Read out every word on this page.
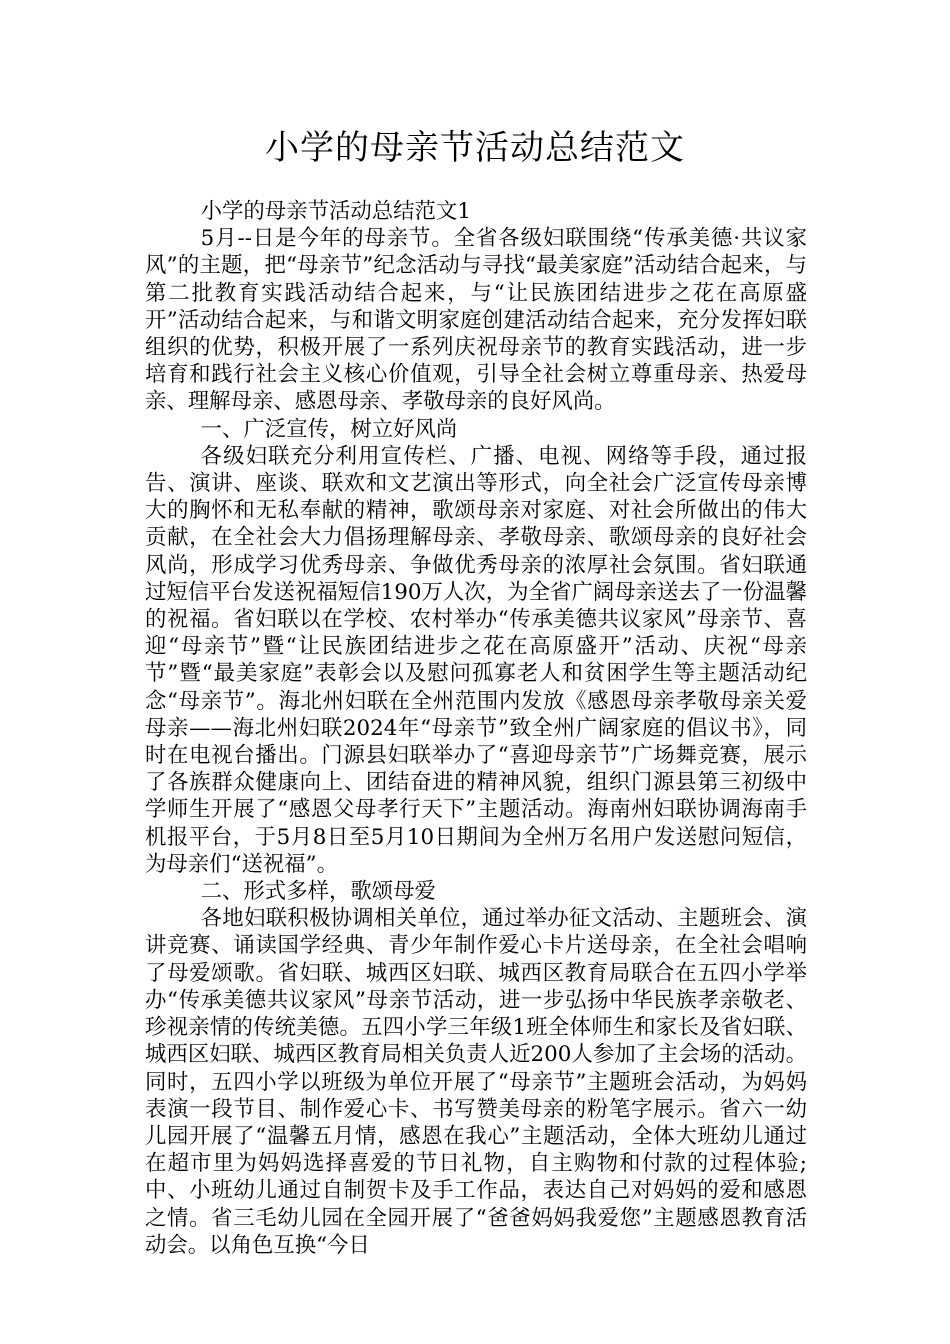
小学的母亲节活动总结范文

小学的母亲节活动总结范文1

5月--日是今年的母亲节。全省各级妇联围绕“传承美德·共议家风”的主题，把“母亲节”纪念活动与寻找“最美家庭”活动结合起来，与第二批教育实践活动结合起来，与“让民族团结进步之花在高原盛开”活动结合起来，与和谐文明家庭创建活动结合起来，充分发挥妇联组织的优势，积极开展了一系列庆祝母亲节的教育实践活动，进一步培育和践行社会主义核心价值观，引导全社会树立尊重母亲、热爱母亲、理解母亲、感恩母亲、孝敬母亲的良好风尚。

一、广泛宣传，树立好风尚

各级妇联充分利用宣传栏、广播、电视、网络等手段，通过报告、演讲、座谈、联欢和文艺演出等形式，向全社会广泛宣传母亲博大的胸怀和无私奉献的精神，歌颂母亲对家庭、对社会所做出的伟大贡献，在全社会大力倡扬理解母亲、孝敬母亲、歌颂母亲的良好社会风尚，形成学习优秀母亲、争做优秀母亲的浓厚社会氛围。省妇联通过短信平台发送祝福短信190万人次，为全省广阔母亲送去了一份温馨的祝福。省妇联以在学校、农村举办“传承美德共议家风”母亲节、喜迎“母亲节”暨“让民族团结进步之花在高原盛开”活动、庆祝“母亲节”暨“最美家庭”表彰会以及慰问孤寡老人和贫困学生等主题活动纪念“母亲节”。海北州妇联在全州范围内发放《感恩母亲孝敬母亲关爱母亲——海北州妇联2024年“母亲节”致全州广阔家庭的倡议书》，同时在电视台播出。门源县妇联举办了“喜迎母亲节”广场舞竞赛，展示了各族群众健康向上、团结奋进的精神风貌，组织门源县第三初级中学师生开展了“感恩父母孝行天下”主题活动。海南州妇联协调海南手机报平台，于5月8日至5月10日期间为全州万名用户发送慰问短信，为母亲们“送祝福”。

二、形式多样，歌颂母爱

各地妇联积极协调相关单位，通过举办征文活动、主题班会、演讲竞赛、诵读国学经典、青少年制作爱心卡片送母亲，在全社会唱响了母爱颂歌。省妇联、城西区妇联、城西区教育局联合在五四小学举办“传承美德共议家风”母亲节活动，进一步弘扬中华民族孝亲敬老、珍视亲情的传统美德。五四小学三年级1班全体师生和家长及省妇联、城西区妇联、城西区教育局相关负责人近200人参加了主会场的活动。同时，五四小学以班级为单位开展了“母亲节”主题班会活动，为妈妈表演一段节目、制作爱心卡、书写赞美母亲的粉笔字展示。省六一幼儿园开展了“温馨五月情，感恩在我心”主题活动，全体大班幼儿通过在超市里为妈妈选择喜爱的节日礼物，自主购物和付款的过程体验;中、小班幼儿通过自制贺卡及手工作品，表达自己对妈妈的爱和感恩之情。省三毛幼儿园在全园开展了“爸爸妈妈我爱您”主题感恩教育活动会。以角色互换“今日
